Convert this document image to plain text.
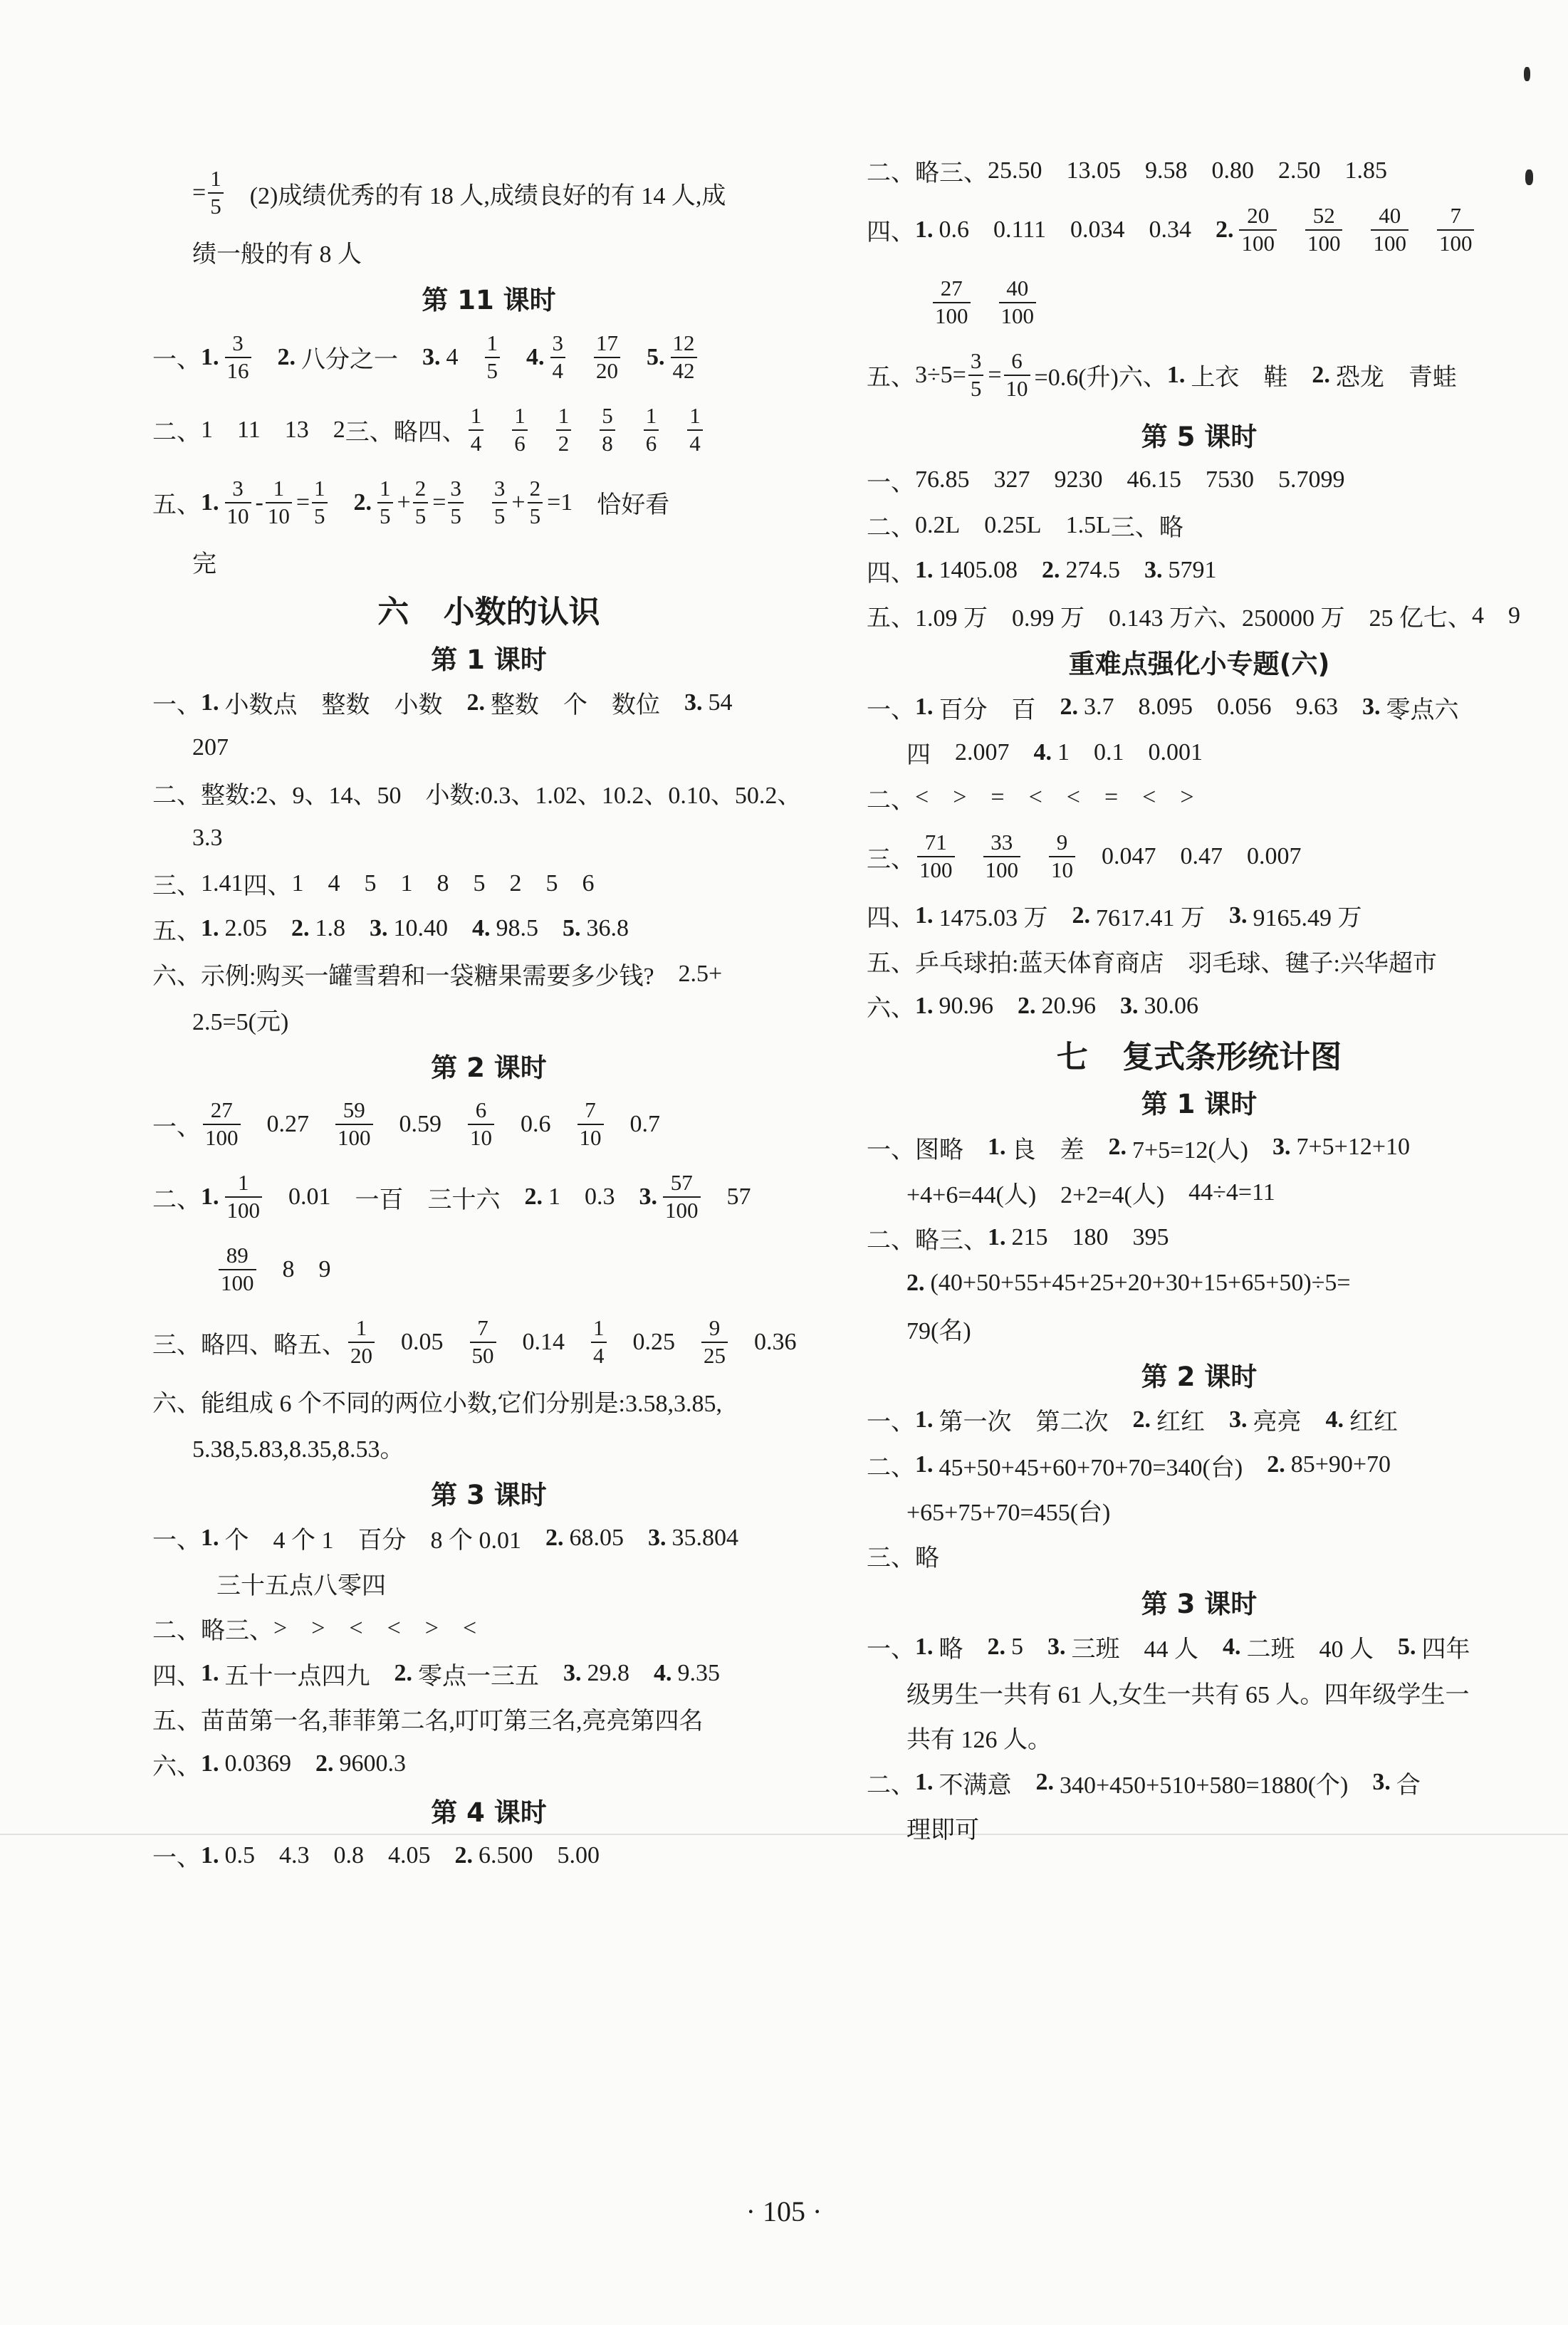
= $\frac{1}{5} (2)$成绩优秀的有 18 人,成绩良好的有 14 人,成
绩一般的有 8 人
第 11 课时
一、 1. $\frac{3}{16} 2$. 八分之一 3. $4 \frac{1}{5} 4$. $\frac{3}{4} \frac{17}{20} 5$. $\frac{12}{42}$
二、 1 11 13 2 三、 略 四、 $\frac{1}{4} \frac{1}{6} \frac{1}{2} \frac{5}{8} \frac{1}{6} \frac{1}{4}$
五、 1. $\frac{3}{10} - \frac{1}{10} = \frac{1}{5} 2$. $\frac{1}{5} + \frac{2}{5} = \frac{3}{5} \frac{3}{5} + \frac{2}{5} =1$ 恰好看
完
六 小数的认识
第 1 课时
一、 1. 小数点 整数 小数 2. 整数 个 数位 3. 54
207
二、 整数:2、9、14、50 小数:0.3、1.02、10.2、0.10、50.2、
3.3
三、 1.41 四、 1 4 5 1 8 5 2 5 6
五、 1. 2.05 2. 1.8 3. 10.40 4. 98.5 5. 36.8
六、 示例:购买一罐雪碧和一袋糖果需要多少钱? 2.5+
2.5=5(元)
第 2 课时
一、 $\frac{27}{100} 0.27 \frac{59}{100} 0.59 \frac{6}{10} 0.6 \frac{7}{10} 0.7$
二、 1. $\frac{1}{100} 0.01$ 一百 三十六 2. 1 0.3 3. $\frac{57}{100} 57$
$\frac{89}{100} 8$ 9
三、 略 四、 略 五、 $\frac{1}{20} 0.05 \frac{7}{50} 0.14 \frac{1}{4} 0.25 \frac{9}{25} 0.36$
六、 能组成 6 个不同的两位小数,它们分别是:3.58,3.85,
5.38,5.83,8.35,8.53。
第 3 课时
一、 1. 个 4 个 1 百分 8 个 0.01 2. 68.05 3. 35.804
三十五点八零四
二、 略 三、 > > < < > <
四、 1. 五十一点四九 2. 零点一三五 3. 29.8 4. 9.35
五、 苗苗第一名,菲菲第二名,叮叮第三名,亮亮第四名
六、 1. 0.0369 2. 9600.3
第 4 课时
一、 1. 0.5 4.3 0.8 4.05 2. 6.500 5.00
二、 略 三、 25.50 13.05 9.58 0.80 2.50 1.85
四、 1. 0.6 0.111 0.034 0.34 2. $\frac{20}{100} \frac{52}{100} \frac{40}{100} \frac{7}{100}$
$\frac{27}{100} \frac{40}{100}$
五、 $3\div 5= \frac{3}{5} = \frac{6}{10} =0.6$(升) 六、 1. 上衣 鞋 2. 恐龙 青蛙
第 5 课时
一、 76.85 327 9230 46.15 7530 5.7099
二、 0.2L 0.25L 1.5L 三、 略
四、 1. 1405.08 2. 274.5 3. 5791
五、 1.09 万 0.99 万 0.143 万 六、 250000 万 25 亿 七、 4 9
重难点强化小专题(六)
一、 1. 百分 百 2. 3.7 8.095 0.056 9.63 3. 零点六
四 2.007 4. 1 0.1 0.001
二、 < > = < < = < >
三、 $\frac{71}{100} \frac{33}{100} \frac{9}{10} 0.047$ 0.47 0.007
四、 1. 1475.03 万 2. 7617.41 万 3. 9165.49 万
五、 乒乓球拍:蓝天体育商店 羽毛球、毽子:兴华超市
六、 1. 90.96 2. 20.96 3. 30.06
七 复式条形统计图
第 1 课时
一、 图略 1. 良 差 2. 7+5=12(人) 3. 7+5+12+10
+4+6=44(人) 2+2=4(人) 44÷4=11
二、 略 三、 1. 215 180 395
2. (40+50+55+45+25+20+30+15+65+50)÷5=
79(名)
第 2 课时
一、 1. 第一次 第二次 2. 红红 3. 亮亮 4. 红红
二、 1. 45+50+45+60+70+70=340(台) 2. 85+90+70
+65+75+70=455(台)
三、 略
第 3 课时
一、 1. 略 2. 5 3. 三班 44 人 4. 二班 40 人 5. 四年
级男生一共有 61 人,女生一共有 65 人。四年级学生一
共有 126 人。
二、 1. 不满意 2. 340+450+510+580=1880(个) 3. 合
理即可
· 105 ·
